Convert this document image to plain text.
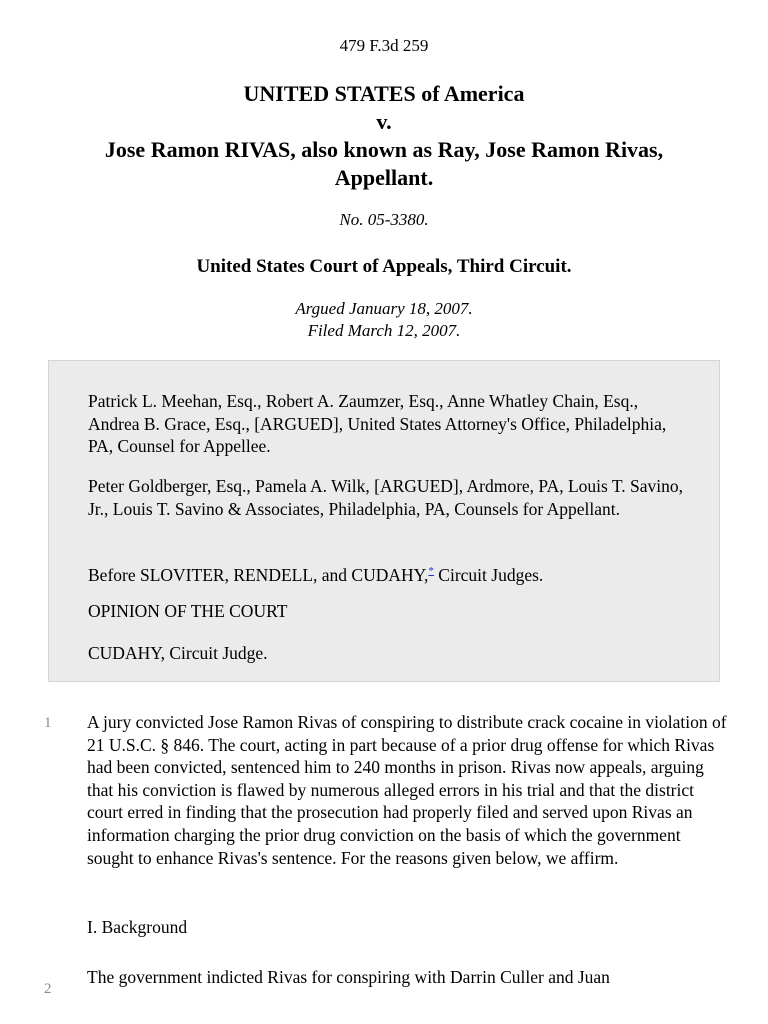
479 F.3d 259
UNITED STATES of America
v.
Jose Ramon RIVAS, also known as Ray, Jose Ramon Rivas,
Appellant.
No. 05-3380.
United States Court of Appeals, Third Circuit.
Argued January 18, 2007.
Filed March 12, 2007.

Patrick L. Meehan, Esq., Robert A. Zaumzer, Esq., Anne Whatley Chain, Esq., Andrea B. Grace, Esq., [ARGUED], United States Attorney's Office, Philadelphia, PA, Counsel for Appellee.

Peter Goldberger, Esq., Pamela A. Wilk, [ARGUED], Ardmore, PA, Louis T. Savino, Jr., Louis T. Savino & Associates, Philadelphia, PA, Counsels for Appellant.

Before SLOVITER, RENDELL, and CUDAHY,* Circuit Judges.

OPINION OF THE COURT

CUDAHY, Circuit Judge.

1 A jury convicted Jose Ramon Rivas of conspiring to distribute crack cocaine in violation of 21 U.S.C. § 846. The court, acting in part because of a prior drug offense for which Rivas had been convicted, sentenced him to 240 months in prison. Rivas now appeals, arguing that his conviction is flawed by numerous alleged errors in his trial and that the district court erred in finding that the prosecution had properly filed and served upon Rivas an information charging the prior drug conviction on the basis of which the government sought to enhance Rivas's sentence. For the reasons given below, we affirm.

I. Background

2

The government indicted Rivas for conspiring with Darrin Culler and Juan
